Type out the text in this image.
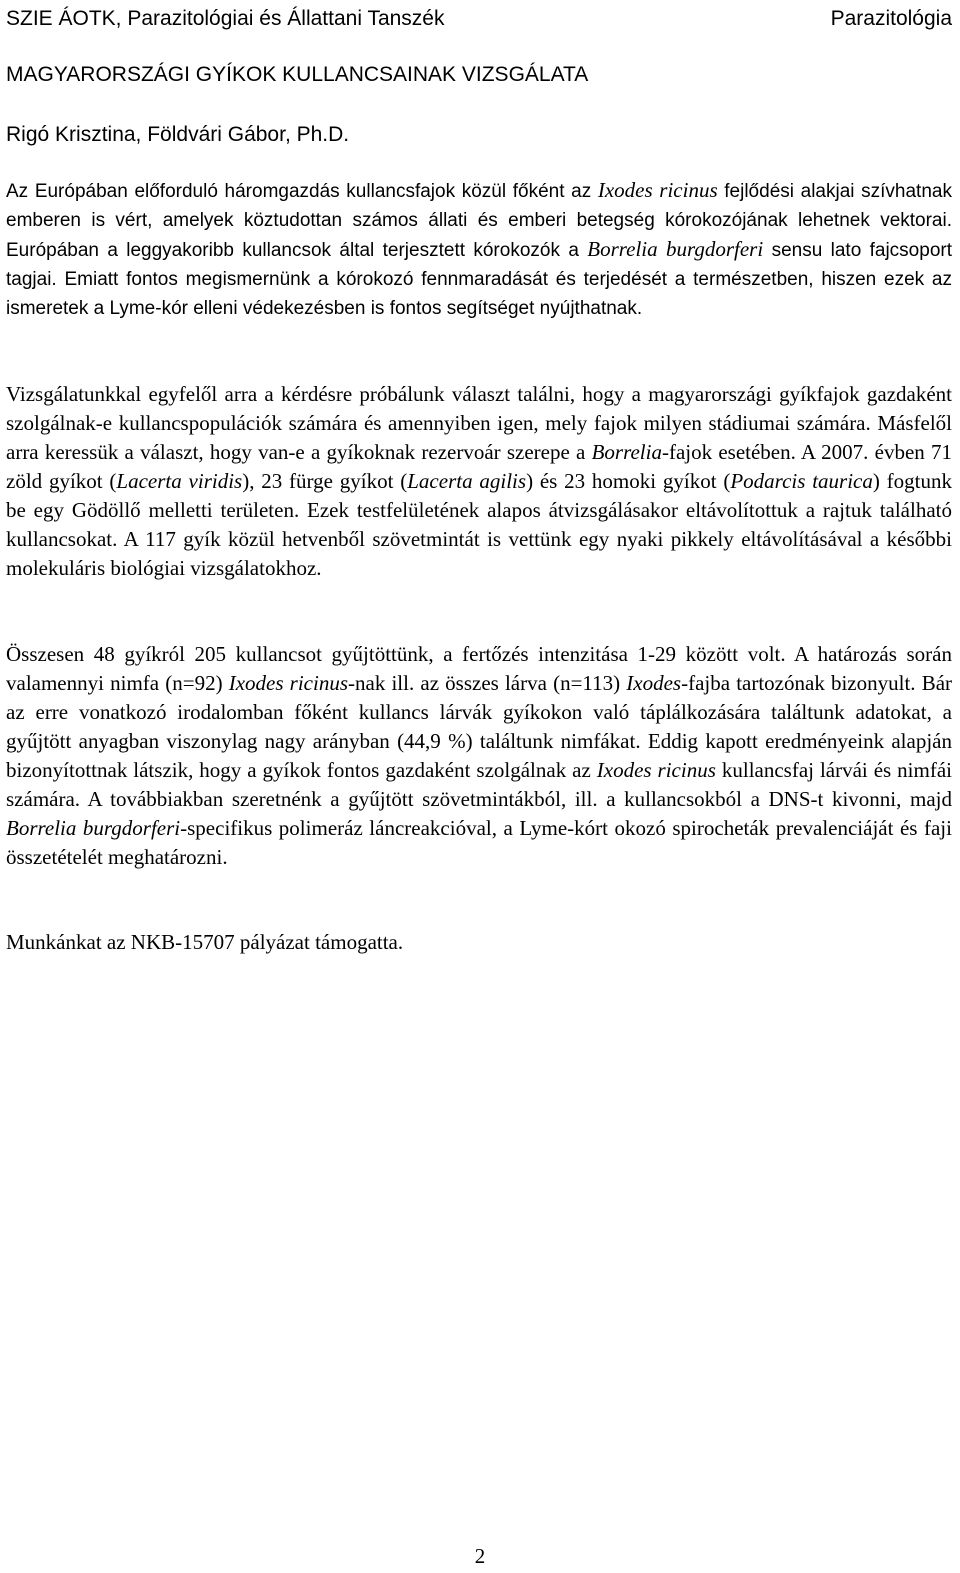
SZIE ÁOTK, Parazitológiai és Állattani Tanszék	Parazitológia
MAGYARORSZÁGI GYÍKOK KULLANCSAINAK VIZSGÁLATA
Rigó Krisztina, Földvári Gábor, Ph.D.

Az Európában előforduló háromgazdás kullancsfajok közül főként az Ixodes ricinus fejlődési alakjai szívhatnak emberen is vért, amelyek köztudottan számos állati és emberi betegség kórokozójának lehetnek vektorai. Európában a leggyakoribb kullancsok által terjesztett kórokozók a Borrelia burgdorferi sensu lato fajcsoport tagjai. Emiatt fontos megismernünk a kórokozó fennmaradását és terjedését a természetben, hiszen ezek az ismeretek a Lyme-kór elleni védekezésben is fontos segítséget nyújthatnak.

Vizsgálatunkkal egyfelől arra a kérdésre próbálunk választ találni, hogy a magyarországi gyíkfajok gazdaként szolgálnak-e kullancspopulációk számára és amennyiben igen, mely fajok milyen stádiumai számára. Másfelől arra keressük a választ, hogy van-e a gyíkoknak rezervoár szerepe a Borrelia-fajok esetében. A 2007. évben 71 zöld gyíkot (Lacerta viridis), 23 fürge gyíkot (Lacerta agilis) és 23 homoki gyíkot (Podarcis taurica) fogtunk be egy Gödöllő melletti területen. Ezek testfelületének alapos átvizsgálásakor eltávolítottuk a rajtuk található kullancsokat. A 117 gyík közül hetvenből szövetmintát is vettünk egy nyaki pikkely eltávolításával a későbbi molekuláris biológiai vizsgálatokhoz.

Összesen 48 gyíkról 205 kullancsot gyűjtöttünk, a fertőzés intenzitása 1-29 között volt. A határozás során valamennyi nimfa (n=92) Ixodes ricinus-nak ill. az összes lárva (n=113) Ixodes-fajba tartozónak bizonyult. Bár az erre vonatkozó irodalomban főként kullancs lárvák gyíkokon való táplálkozására találtunk adatokat, a gyűjtött anyagban viszonylag nagy arányban (44,9 %) találtunk nimfákat. Eddig kapott eredményeink alapján bizonyítottnak látszik, hogy a gyíkok fontos gazdaként szolgálnak az Ixodes ricinus kullancsfaj lárvái és nimfái számára. A továbbiakban szeretnénk a gyűjtött szövetmintákból, ill. a kullancsokból a DNS-t kivonni, majd Borrelia burgdorferi-specifikus polimeráz láncreakcióval, a Lyme-kórt okozó spirocheták prevalenciáját és faji összetételét meghatározni.

Munkánkat az NKB-15707 pályázat támogatta.

2
